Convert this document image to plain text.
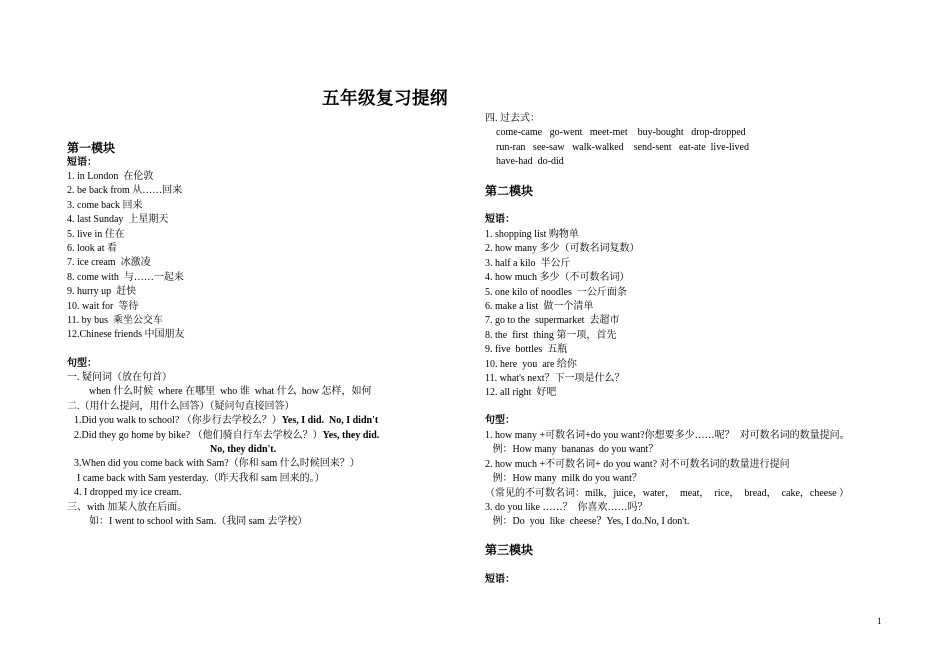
五年级复习提纲
第一模块
短语：
1. in London  在伦敦
2. be back from 从……回来
3. come back 回来
4. last Sunday  上星期天
5. live in 住在
6. look at 看
7. ice cream  冰激凌
8. come with  与……一起来
9. hurry up  赶快
10. wait for  等待
11. by bus  乘坐公交车
12.Chinese friends 中国朋友
句型：
一. 疑问词（放在句首）
when 什么时候  where 在哪里  who 谁  what 什么  how 怎样，如何
二.（用什么提问，用什么回答）（疑问句直接回答）
1.Did you walk to school? （你步行去学校么？）Yes, I did.  No, I didn't
2.Did they go home by bike? （他们骑自行车去学校么？）Yes, they did.
No, they didn't.
3.When did you come back with Sam?（你和 sam 什么时候回来？）
I came back with Sam yesterday.（昨天我和 sam 回来的。）
4. I dropped my ice cream.
三、with 加某人放在后面。
如：I went to school with Sam.（我同 sam 去学校）
四. 过去式：
come-came   go-went   meet-met    buy-bought   drop-dropped
run-ran   see-saw   walk-walked    send-sent   eat-ate  live-lived
have-had  do-did
第二模块
短语：
1. shopping list 购物单
2. how many 多少（可数名词复数）
3. half a kilo  半公斤
4. how much 多少（不可数名词）
5. one kilo of noodles  一公斤面条
6. make a list  做一个清单
7. go to the  supermarket  去超市
8. the  first  thing 第一项，首先
9. five  bottles  五瓶
10. here  you  are 给你
11. what's next？下一项是什么？
12. all right  好吧
句型：
1. how many +可数名词+do you want?你想要多少……呢？  对可数名词的数量提问。
例：How many  bananas  do you want？
2. how much +不可数名词+ do you want? 对不可数名词的数量进行提问
例：How many  milk do you want？
（常见的不可数名词：milk，juice，water，  meat，  rice，  bread，  cake，cheese ）
3. do you like ……？  你喜欢……吗？
例：Do  you  like  cheese？Yes, I do.No, I don't.
第三模块
短语：
1
